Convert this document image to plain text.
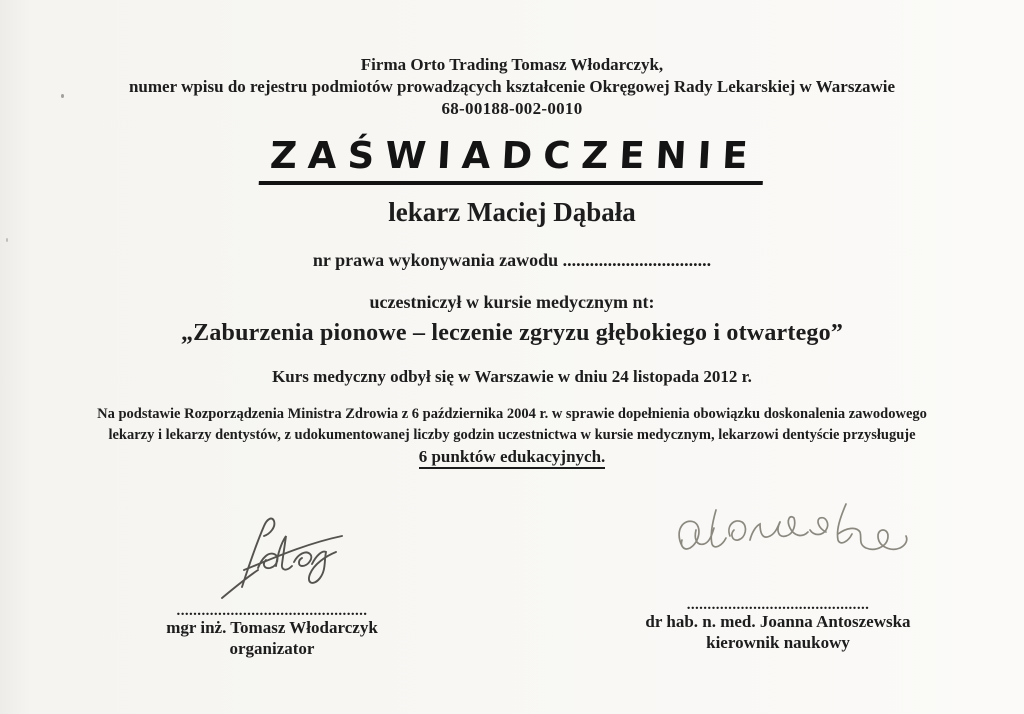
Firma Orto Trading Tomasz Włodarczyk,
numer wpisu do rejestru podmiotów prowadzących kształcenie Okręgowej Rady Lekarskiej w Warszawie
68-00188-002-0010
ZAŚWIADCZENIE
lekarz Maciej Dąbała
nr prawa wykonywania zawodu .................................
uczestniczył w kursie medycznym nt:
„Zaburzenia pionowe – leczenie zgryzu głębokiego i otwartego”
Kurs medyczny odbył się w Warszawie w dniu 24 listopada 2012 r.
Na podstawie Rozporządzenia Ministra Zdrowia z 6 października 2004 r. w sprawie dopełnienia obowiązku doskonalenia zawodowego
lekarzy i lekarzy dentystów, z udokumentowanej liczby godzin uczestnictwa w kursie medycznym, lekarzowi dentyście przysługuje
6 punktów edukacyjnych.
..............................................
mgr inż. Tomasz Włodarczyk
organizator
............................................
dr hab. n. med. Joanna Antoszewska
kierownik naukowy
